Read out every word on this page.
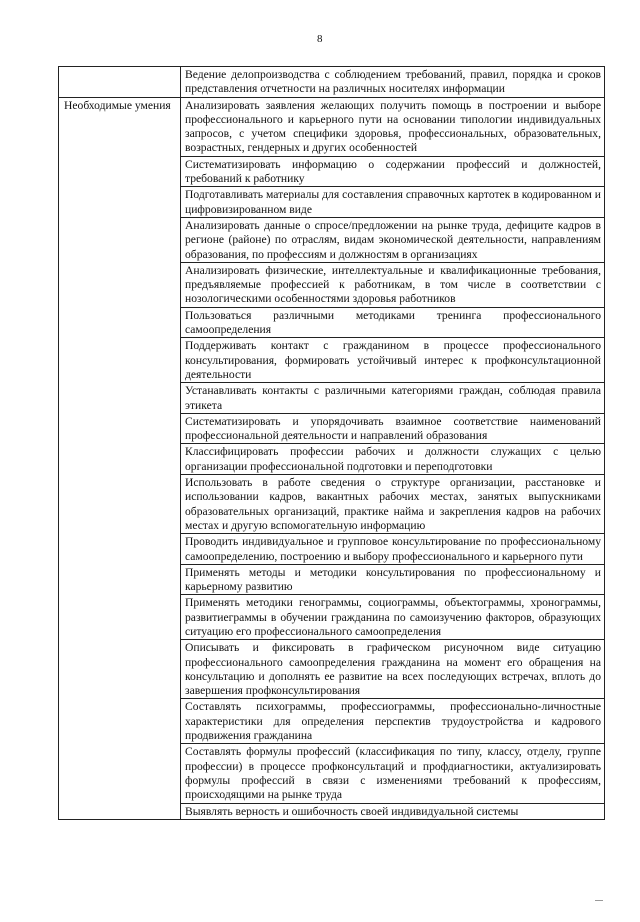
8
	Ведение делопроизводства с соблюдением требований, правил, порядка и сроков представления отчетности на различных носителях информации
Необходимые умения	Анализировать заявления желающих получить помощь в построении и выборе профессионального и карьерного пути на основании типологии индивидуальных запросов, с учетом специфики здоровья, профессиональных, образовательных, возрастных, гендерных и других особенностей
	Систематизировать информацию о содержании профессий и должностей, требований к работнику
	Подготавливать материалы для составления справочных картотек в кодированном и цифровизированном виде
	Анализировать данные о спросе/предложении на рынке труда, дефиците кадров в регионе (районе) по отраслям, видам экономической деятельности, направлениям образования, по профессиям и должностям в организациях
	Анализировать физические, интеллектуальные и квалификационные требования, предъявляемые профессией к работникам, в том числе в соответствии с нозологическими особенностями здоровья работников
	Пользоваться различными методиками тренинга профессионального самоопределения
	Поддерживать контакт с гражданином в процессе профессионального консультирования, формировать устойчивый интерес к профконсультационной деятельности
	Устанавливать контакты с различными категориями граждан, соблюдая правила этикета
	Систематизировать и упорядочивать взаимное соответствие наименований профессиональной деятельности и направлений образования
	Классифицировать профессии рабочих и должности служащих с целью организации профессиональной подготовки и переподготовки
	Использовать в работе сведения о структуре организации, расстановке и использовании кадров, вакантных рабочих местах, занятых выпускниками образовательных организаций, практике найма и закрепления кадров на рабочих местах и другую вспомогательную информацию
	Проводить индивидуальное и групповое консультирование по профессиональному самоопределению, построению и выбору профессионального и карьерного пути
	Применять методы и методики консультирования по профессиональному и карьерному развитию
	Применять методики генограммы, социограммы, объектограммы, хронограммы, развитиеграммы в обучении гражданина по самоизучению факторов, образующих ситуацию его профессионального самоопределения
	Описывать и фиксировать в графическом рисуночном виде ситуацию профессионального самоопределения гражданина на момент его обращения на консультацию и дополнять ее развитие на всех последующих встречах, вплоть до завершения профконсультирования
	Составлять психограммы, профессиограммы, профессионально-личностные характеристики для определения перспектив трудоустройства и кадрового продвижения гражданина
	Составлять формулы профессий (классификация по типу, классу, отделу, группе профессии) в процессе профконсультаций и профдиагностики, актуализировать формулы профессий в связи с изменениями требований к профессиям, происходящими на рынке труда
	Выявлять верность и ошибочность своей индивидуальной системы
